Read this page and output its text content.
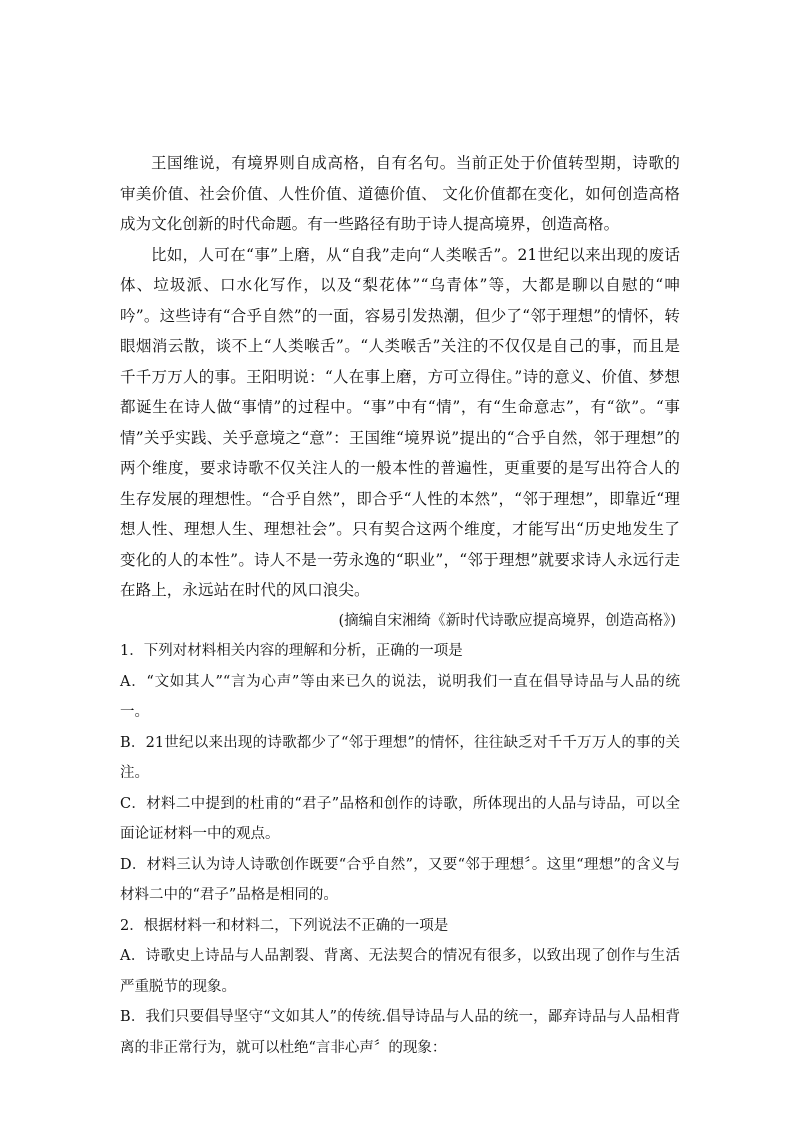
王国维说，有境界则自成高格，自有名句。当前正处于价值转型期，诗歌的审美价值、社会价值、人性价值、道德价值、 文化价值都在变化，如何创造高格成为文化创新的时代命题。有一些路径有助于诗人提高境界，创造高格。

比如，人可在“事”上磨，从“自我”走向“人类喉舌”。21世纪以来出现的废话体、垃圾派、口水化写作，以及“梨花体”“乌青体”等，大都是聊以自慰的“呻吟”。这些诗有“合乎自然”的一面，容易引发热潮，但少了“邻于理想”的情怀，转眼烟消云散，谈不上“人类喉舌”。“人类喉舌”关注的不仅仅是自己的事，而且是千千万万人的事。王阳明说：“人在事上磨，方可立得住。”诗的意义、价值、梦想都诞生在诗人做“事情”的过程中。“事”中有“情”，有“生命意志”，有“欲”。“事情”关乎实践、关乎意境之“意”：王国维“境界说”提出的“合乎自然，邻于理想”的两个维度，要求诗歌不仅关注人的一般本性的普遍性，更重要的是写出符合人的生存发展的理想性。“合乎自然”，即合乎“人性的本然”，“邻于理想”，即靠近“理想人性、理想人生、理想社会”。只有契合这两个维度，才能写出“历史地发生了变化的人的本性”。诗人不是一劳永逸的“职业”，“邻于理想”就要求诗人永远行走在路上，永远站在时代的风口浪尖。

(摘编自宋湘绮《新时代诗歌应提高境界，创造高格》)

1．下列对材料相关内容的理解和分析，正确的一项是

A．“文如其人”“言为心声”等由来已久的说法，说明我们一直在倡导诗品与人品的统一。

B．21世纪以来出现的诗歌都少了“邻于理想”的情怀，往往缺乏对千千万万人的事的关注。

C．材料二中提到的杜甫的“君子”品格和创作的诗歌，所体现出的人品与诗品，可以全面论证材料一中的观点。

D．材料三认为诗人诗歌创作既要“合乎自然”，又要“邻于理想〞。这里“理想”的含义与材料二中的“君子”品格是相同的。

2．根据材料一和材料二，下列说法不正确的一项是

A．诗歌史上诗品与人品割裂、背离、无法契合的情况有很多，以致出现了创作与生活严重脱节的现象。

B．我们只要倡导坚守“文如其人”的传统.倡导诗品与人品的统一，鄙弃诗品与人品相背离的非正常行为，就可以杜绝“言非心声〞的现象：
